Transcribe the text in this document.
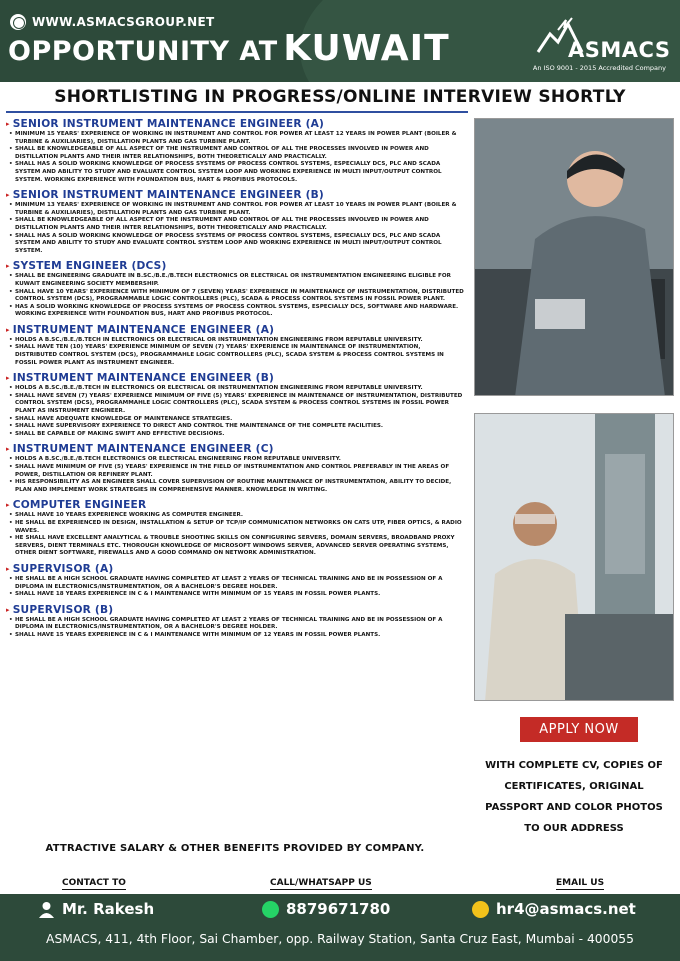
WWW.ASMACSGROUP.NET
OPPORTUNITY AT KUWAIT	ASMACS
An ISO 9001 - 2015 Accredited Company
SHORTLISTING IN PROGRESS/ONLINE INTERVIEW SHORTLY
▸ SENIOR INSTRUMENT MAINTENANCE ENGINEER (A)
• MINIMUM 15 YEARS' EXPERIENCE OF WORKING IN INSTRUMENT AND CONTROL FOR POWER AT LEAST 12 YEARS IN POWER PLANT (BOILER & TURBINE & AUXILIARIES), DISTILLATION PLANTS AND GAS TURBINE PLANT.
• SHALL BE KNOWLEDGEABLE OF ALL ASPECT OF THE INSTRUMENT AND CONTROL OF ALL THE PROCESSES INVOLVED IN POWER AND DISTILLATION PLANTS AND THEIR INTER RELATIONSHIPS, BOTH THEORETICALLY AND PRACTICALLY.
• SHALL HAS A SOLID WORKING KNOWLEDGE OF PROCESS SYSTEMS OF PROCESS CONTROL SYSTEMS, ESPECIALLY DCS, PLC AND SCADA SYSTEM AND ABILITY TO STUDY AND EVALUATE CONTROL SYSTEM LOOP AND WORKING EXPERIENCE IN MULTI INPUT/OUTPUT CONTROL SYSTEM. WORKING EXPERIENCE WITH FOUNDATION BUS, HART & PROFIBUS PROTOCOLS.
▸ SENIOR INSTRUMENT MAINTENANCE ENGINEER (B)
• MINIMUM 13 YEARS' EXPERIENCE OF WORKING IN INSTRUMENT AND CONTROL FOR POWER AT LEAST 10 YEARS IN POWER PLANT (BOILER & TURBINE & AUXILIARIES), DISTILLATION PLANTS AND GAS TURBINE PLANT.
• SHALL BE KNOWLEDGEABLE OF ALL ASPECT OF THE INSTRUMENT AND CONTROL OF ALL THE PROCESSES INVOLVED IN POWER AND DISTILLATION PLANTS AND THEIR INTER RELATIONSHIPS, BOTH THEORETICALLY AND PRACTICALLY.
• SHALL HAS A SOLID WORKING KNOWLEDGE OF PROCESS SYSTEMS OF PROCESS CONTROL SYSTEMS, ESPECIALLY DCS, PLC AND SCADA SYSTEM AND ABILITY TO STUDY AND EVALUATE CONTROL SYSTEM LOOP AND WORKING EXPERIENCE IN MULTI INPUT/OUTPUT CONTROL SYSTEM.
▸ SYSTEM ENGINEER (DCS)
• SHALL BE ENGINEERING GRADUATE IN B.SC./B.E./B.TECH ELECTRONICS OR ELECTRICAL OR INSTRUMENTATION ENGINEERING ELIGIBLE FOR KUWAIT ENGINEERING SOCIETY MEMBERSHIP.
• SHALL HAVE 10 YEARS' EXPERIENCE WITH MINIMUM OF 7 (SEVEN) YEARS' EXPERIENCE IN MAINTENANCE OF INSTRUMENTATION, DISTRIBUTED CONTROL SYSTEM (DCS), PROGRAMMABLE LOGIC CONTROLLERS (PLC), SCADA & PROCESS CONTROL SYSTEMS IN FOSSIL POWER PLANT.
• HAS A SOLID WORKING KNOWLEDGE OF PROCESS SYSTEMS OF PROCESS CONTROL SYSTEMS, ESPECIALLY DCS, SOFTWARE AND HARDWARE. WORKING EXPERIENCE WITH FOUNDATION BUS, HART AND PROFIBUS PROTOCOL.
▸ INSTRUMENT MAINTENANCE ENGINEER (A)
• HOLDS A B.SC./B.E./B.TECH IN ELECTRONICS OR ELECTRICAL OR INSTRUMENTATION ENGINEERING FROM REPUTABLE UNIVERSITY.
• SHALL HAVE TEN (10) YEARS' EXPERIENCE MINIMUM OF SEVEN (7) YEARS' EXPERIENCE IN MAINTENANCE OF INSTRUMENTATION, DISTRIBUTED CONTROL SYSTEM (DCS), PROGRAMMAHLE LOGIC CONTROLLERS (PLC), SCADA SYSTEM & PROCESS CONTROL SYSTEMS IN FOSSIL POWER PLANT AS INSTRUMENT ENGINEER.
▸ INSTRUMENT MAINTENANCE ENGINEER (B)
• HOLDS A B.SC./B.E./B.TECH IN ELECTRONICS OR ELECTRICAL OR INSTRUMENTATION ENGINEERING FROM REPUTABLE UNIVERSITY.
• SHALL HAVE SEVEN (7) YEARS' EXPERIENCE MINIMUM OF FIVE (5) YEARS' EXPERIENCE IN MAINTENANCE OF INSTRUMENTATION, DISTRIBUTED CONTROL SYSTEM (DCS), PROGRAMMAHLE LOGIC CONTROLLERS (PLC), SCADA SYSTEM & PROCESS CONTROL SYSTEMS IN FOSSIL POWER PLANT AS INSTRUMENT ENGINEER.
• SHALL HAVE ADEQUATE KNOWLEDGE OF MAINTENANCE STRATEGIES.
• SHALL HAVE SUPERVISORY EXPERIENCE TO DIRECT AND CONTROL THE MAINTENANCE OF THE COMPLETE FACILITIES.
• SHALL BE CAPABLE OF MAKING SWIFT AND EFFECTIVE DECISIONS.
▸ INSTRUMENT MAINTENANCE ENGINEER (C)
• HOLDS A B.SC./B.E./B.TECH ELECTRONICS OR ELECTRICAL ENGINEERING FROM REPUTABLE UNIVERSITY.
• SHALL HAVE MINIMUM OF FIVE (5) YEARS' EXPERIENCE IN THE FIELD OF INSTRUMENTATION AND CONTROL PREFERABLY IN THE AREAS OF POWER, DISTILLATION OR REFINERY PLANT.
• HIS RESPONSIBILITY AS AN ENGINEER SHALL COVER SUPERVISION OF ROUTINE MAINTENANCE OF INSTRUMENTATION, ABILITY TO DECIDE, PLAN AND IMPLEMENT WORK STRATEGIES IN COMPREHENSIVE MANNER. KNOWLEDGE IN WRITING.
▸ COMPUTER ENGINEER
• SHALL HAVE 10 YEARS EXPERIENCE WORKING AS COMPUTER ENGINEER.
• HE SHALL BE EXPERIENCED IN DESIGN, INSTALLATION & SETUP OF TCP/IP COMMUNICATION NETWORKS ON CATS UTP, FIBER OPTICS, & RADIO WAVES.
• HE SHALL HAVE EXCELLENT ANALYTICAL & TROUBLE SHOOTING SKILLS ON CONFIGURING SERVERS, DOMAIN SERVERS, BROADBAND PROXY SERVERS, DIENT TERMINALS ETC. THOROUGH KNOWLEDGE OF MICROSOFT WINDOWS SERVER, ADVANCED SERVER OPERATING SYSTEMS, OTHER DIENT SOFTWARE, FIREWALLS AND A GOOD COMMAND ON NETWORK ADMINISTRATION.
▸ SUPERVISOR (A)
• HE SHALL BE A HIGH SCHOOL GRADUATE HAVING COMPLETED AT LEAST 2 YEARS OF TECHNICAL TRAINING AND BE IN POSSESSION OF A DIPLOMA IN ELECTRONICS/INSTRUMENTATION, OR A BACHELOR'S DEGREE HOLDER.
• SHALL HAVE 18 YEARS EXPERIENCE IN C & I MAINTENANCE WITH MINIMUM OF 15 YEARS IN FOSSIL POWER PLANTS.
▸ SUPERVISOR (B)
• HE SHALL BE A HIGH SCHOOL GRADUATE HAVING COMPLETED AT LEAST 2 YEARS OF TECHNICAL TRAINING AND BE IN POSSESSION OF A DIPLOMA IN ELECTRONICS/INSTRUMENTATION, OR A BACHELOR'S DEGREE HOLDER.
• SHALL HAVE 15 YEARS EXPERIENCE IN C & I MAINTENANCE WITH MINIMUM OF 12 YEARS IN FOSSIL POWER PLANTS.
APPLY NOW
WITH COMPLETE CV, COPIES OF CERTIFICATES, ORIGINAL PASSPORT AND COLOR PHOTOS TO OUR ADDRESS
ATTRACTIVE SALARY & OTHER BENEFITS PROVIDED BY COMPANY.
CONTACT TO	CALL/WHATSAPP US	EMAIL US
Mr. Rakesh	8879671780	hr4@asmacs.net
ASMACS, 411, 4th Floor, Sai Chamber, opp. Railway Station, Santa Cruz East, Mumbai - 400055
